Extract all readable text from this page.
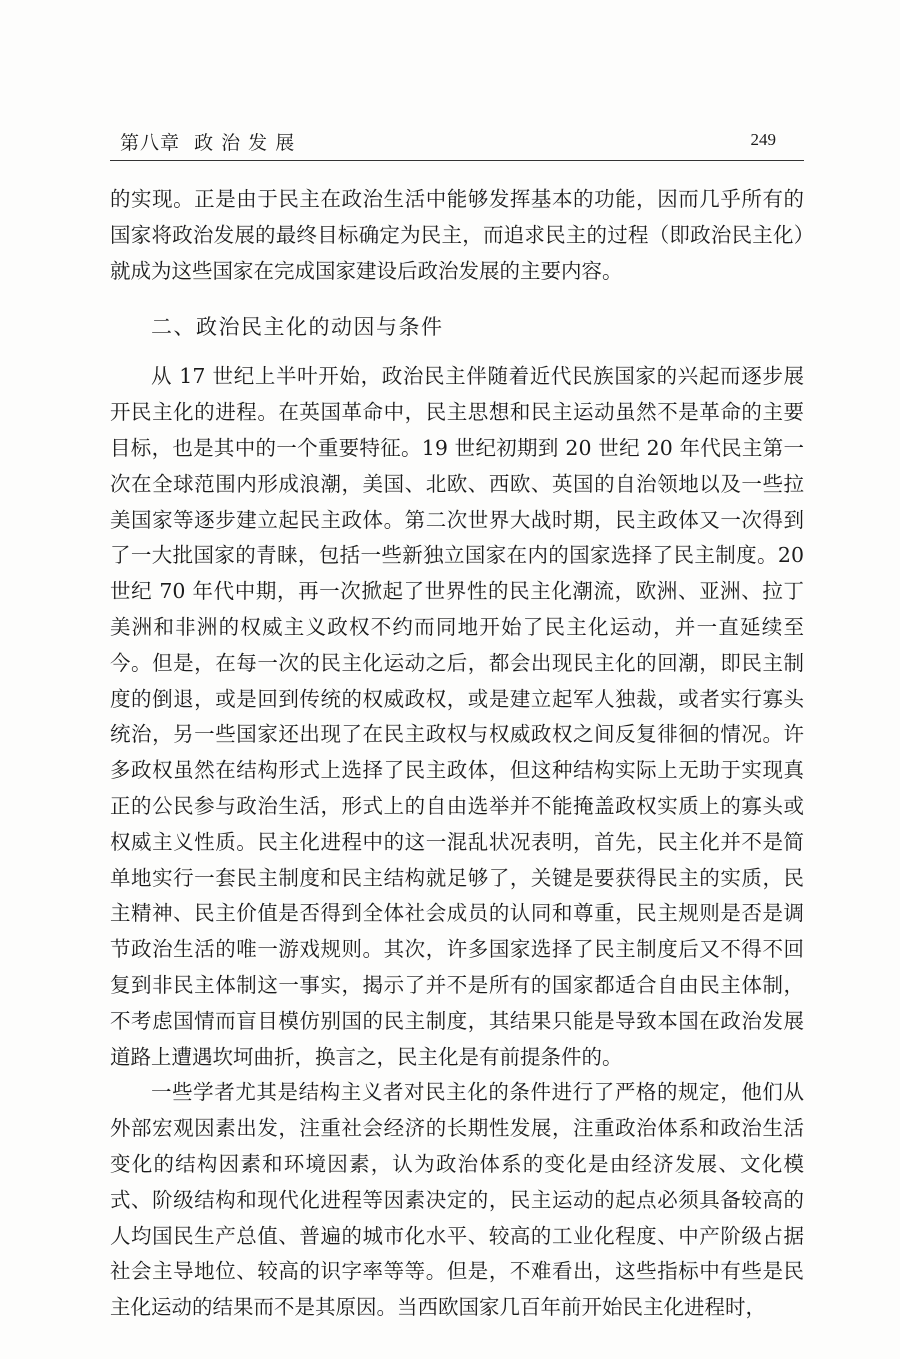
第八章  政 治 发 展	249

的实现。正是由于民主在政治生活中能够发挥基本的功能，因而几乎所有的国家将政治发展的最终目标确定为民主，而追求民主的过程（即政治民主化）就成为这些国家在完成国家建设后政治发展的主要内容。

二、政治民主化的动因与条件

从 17 世纪上半叶开始，政治民主伴随着近代民族国家的兴起而逐步展开民主化的进程。在英国革命中，民主思想和民主运动虽然不是革命的主要目标，也是其中的一个重要特征。19 世纪初期到 20 世纪 20 年代民主第一次在全球范围内形成浪潮，美国、北欧、西欧、英国的自治领地以及一些拉美国家等逐步建立起民主政体。第二次世界大战时期，民主政体又一次得到了一大批国家的青睐，包括一些新独立国家在内的国家选择了民主制度。20 世纪 70 年代中期，再一次掀起了世界性的民主化潮流，欧洲、亚洲、拉丁美洲和非洲的权威主义政权不约而同地开始了民主化运动，并一直延续至今。但是，在每一次的民主化运动之后，都会出现民主化的回潮，即民主制度的倒退，或是回到传统的权威政权，或是建立起军人独裁，或者实行寡头统治，另一些国家还出现了在民主政权与权威政权之间反复徘徊的情况。许多政权虽然在结构形式上选择了民主政体，但这种结构实际上无助于实现真正的公民参与政治生活，形式上的自由选举并不能掩盖政权实质上的寡头或权威主义性质。民主化进程中的这一混乱状况表明，首先，民主化并不是简单地实行一套民主制度和民主结构就足够了，关键是要获得民主的实质，民主精神、民主价值是否得到全体社会成员的认同和尊重，民主规则是否是调节政治生活的唯一游戏规则。其次，许多国家选择了民主制度后又不得不回复到非民主体制这一事实，揭示了并不是所有的国家都适合自由民主体制，不考虑国情而盲目模仿别国的民主制度，其结果只能是导致本国在政治发展道路上遭遇坎坷曲折，换言之，民主化是有前提条件的。

一些学者尤其是结构主义者对民主化的条件进行了严格的规定，他们从外部宏观因素出发，注重社会经济的长期性发展，注重政治体系和政治生活变化的结构因素和环境因素，认为政治体系的变化是由经济发展、文化模式、阶级结构和现代化进程等因素决定的，民主运动的起点必须具备较高的人均国民生产总值、普遍的城市化水平、较高的工业化程度、中产阶级占据社会主导地位、较高的识字率等等。但是，不难看出，这些指标中有些是民主化运动的结果而不是其原因。当西欧国家几百年前开始民主化进程时，
